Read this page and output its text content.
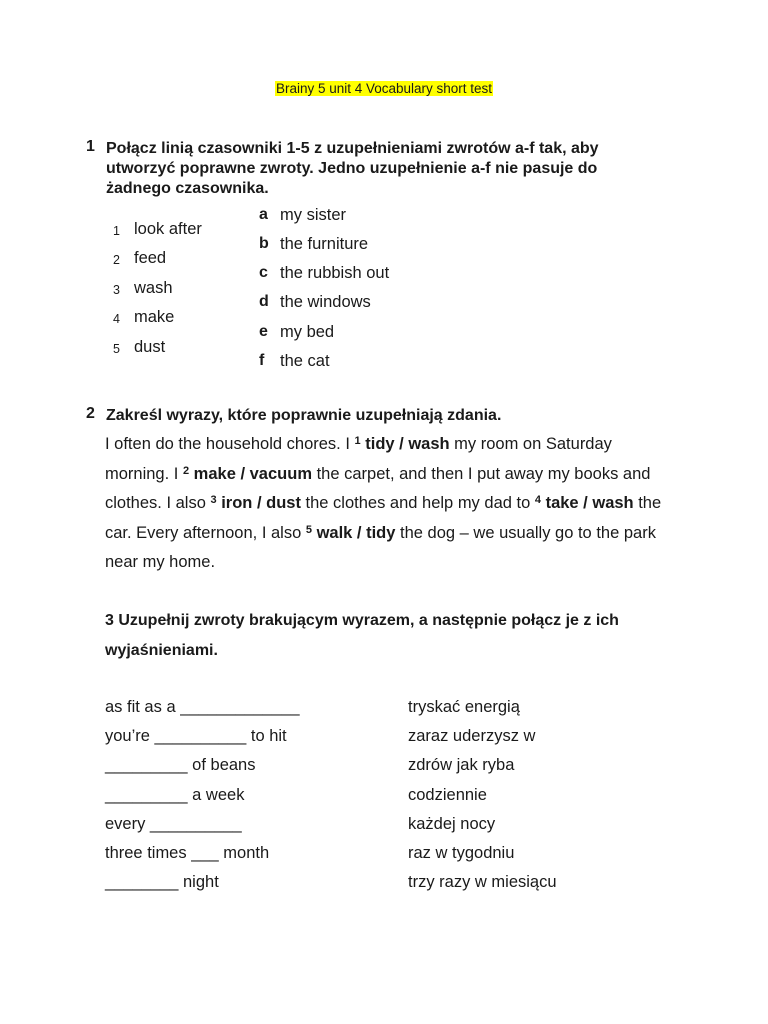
Brainy 5 unit 4 Vocabulary short test
1 Połącz linią czasowniki 1-5 z uzupełnieniami zwrotów a-f tak, aby
utworzyć poprawne zwroty. Jedno uzupełnienie a-f nie pasuje do
żadnego czasownika.
1 look after
2 feed
3 wash
4 make
5 dust
a my sister
b the furniture
c the rubbish out
d the windows
e my bed
f the cat
2 Zakreśl wyrazy, które poprawnie uzupełniają zdania.
I often do the household chores. I $^1$ tidy / wash my room on Saturday morning. I $^2$ make / vacuum the carpet, and then I put away my books and clothes. I also $^3$ iron / dust the clothes and help my dad to $^4$ take / wash the car. Every afternoon, I also $^5$ walk / tidy the dog – we usually go to the park near my home.
3 Uzupełnij zwroty brakującym wyrazem, a następnie połącz je z ich wyjaśnieniami.
as fit as a _____________	tryskać energią
you’re __________ to hit	zaraz uderzysz w
_________ of beans	zdrów jak ryba
_________ a week	codziennie
every __________	każdej nocy
three times ___ month	raz w tygodniu
________ night	trzy razy w miesiącu
